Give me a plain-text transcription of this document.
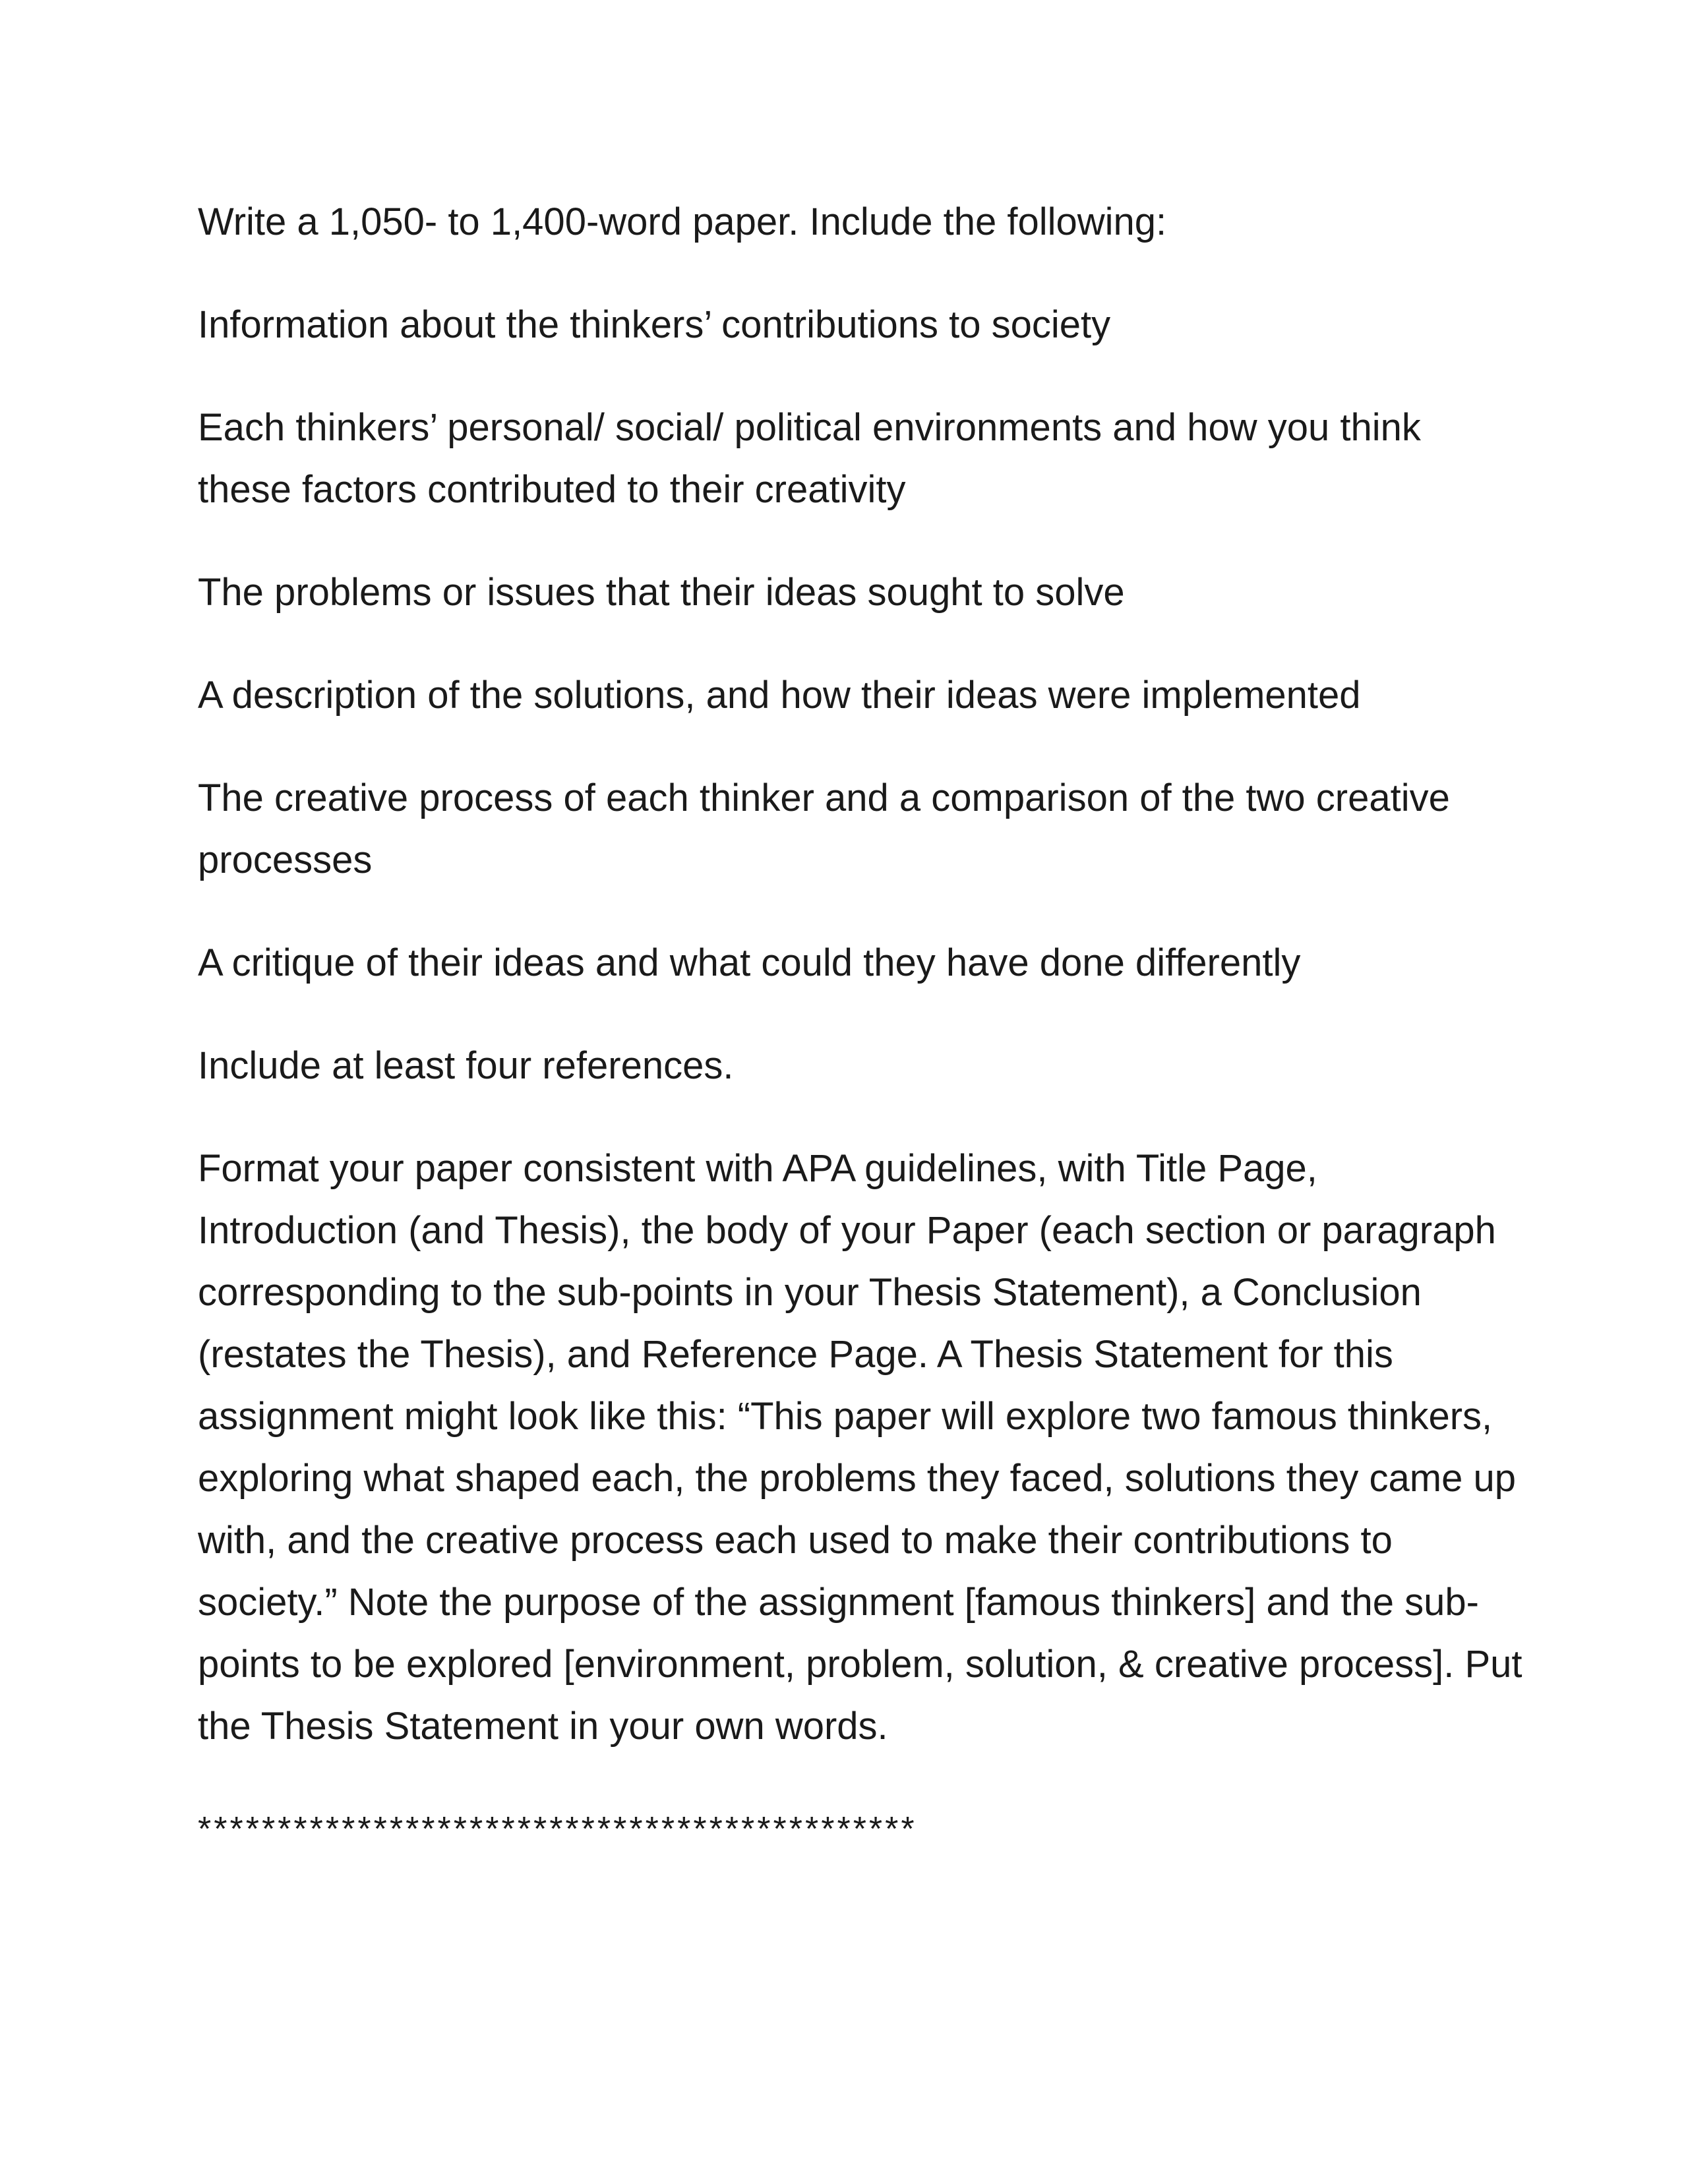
Write a 1,050- to 1,400-word paper. Include the following:

Information about the thinkers’ contributions to society

Each thinkers’ personal/ social/ political environments and how you think these factors contributed to their creativity

The problems or issues that their ideas sought to solve

A description of the solutions, and how their ideas were implemented

The creative process of each thinker and a comparison of the two creative processes

A critique of their ideas and what could they have done differently

Include at least four references.

Format your paper consistent with APA guidelines, with Title Page, Introduction (and Thesis), the body of your Paper (each section or paragraph corresponding to the sub-points in your Thesis Statement), a Conclusion (restates the Thesis), and Reference Page. A Thesis Statement for this assignment might look like this: “This paper will explore two famous thinkers, exploring what shaped each, the problems they faced, solutions they came up with, and the creative process each used to make their contributions to society.” Note the purpose of the assignment [famous thinkers] and the sub-points to be explored [environment, problem, solution, & creative process]. Put the Thesis Statement in your own words.

*********************************************
